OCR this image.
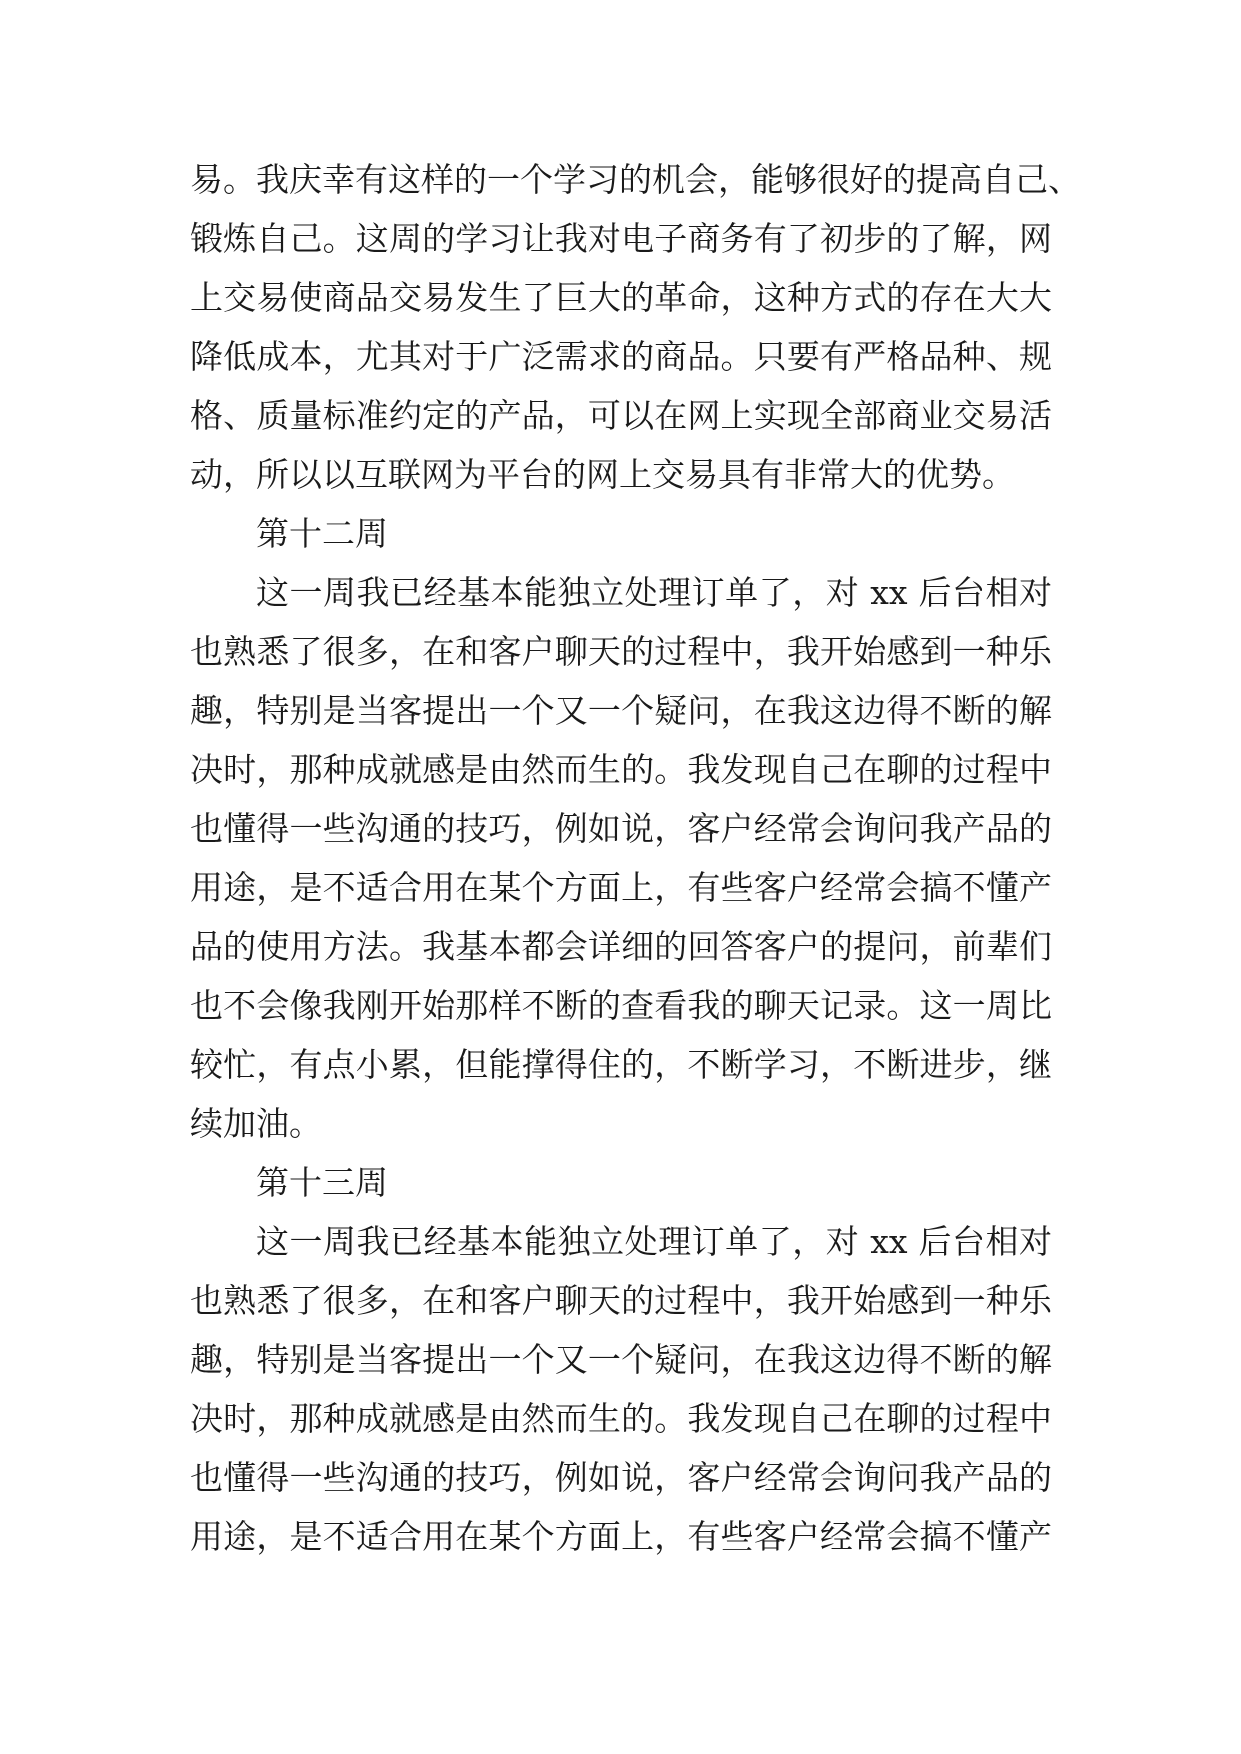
易。我庆幸有这样的一个学习的机会，能够很好的提高自己、
锻炼自己。这周的学习让我对电子商务有了初步的了解，网
上交易使商品交易发生了巨大的革命，这种方式的存在大大
降低成本，尤其对于广泛需求的商品。只要有严格品种、规
格、质量标准约定的产品，可以在网上实现全部商业交易活
动，所以以互联网为平台的网上交易具有非常大的优势。
第十二周
这一周我已经基本能独立处理订单了，对 xx 后台相对
也熟悉了很多，在和客户聊天的过程中，我开始感到一种乐
趣，特别是当客提出一个又一个疑问，在我这边得不断的解
决时，那种成就感是由然而生的。我发现自己在聊的过程中
也懂得一些沟通的技巧，例如说，客户经常会询问我产品的
用途，是不适合用在某个方面上，有些客户经常会搞不懂产
品的使用方法。我基本都会详细的回答客户的提问，前辈们
也不会像我刚开始那样不断的查看我的聊天记录。这一周比
较忙，有点小累，但能撑得住的，不断学习，不断进步，继
续加油。
第十三周
这一周我已经基本能独立处理订单了，对 xx 后台相对
也熟悉了很多，在和客户聊天的过程中，我开始感到一种乐
趣，特别是当客提出一个又一个疑问，在我这边得不断的解
决时，那种成就感是由然而生的。我发现自己在聊的过程中
也懂得一些沟通的技巧，例如说，客户经常会询问我产品的
用途，是不适合用在某个方面上，有些客户经常会搞不懂产
